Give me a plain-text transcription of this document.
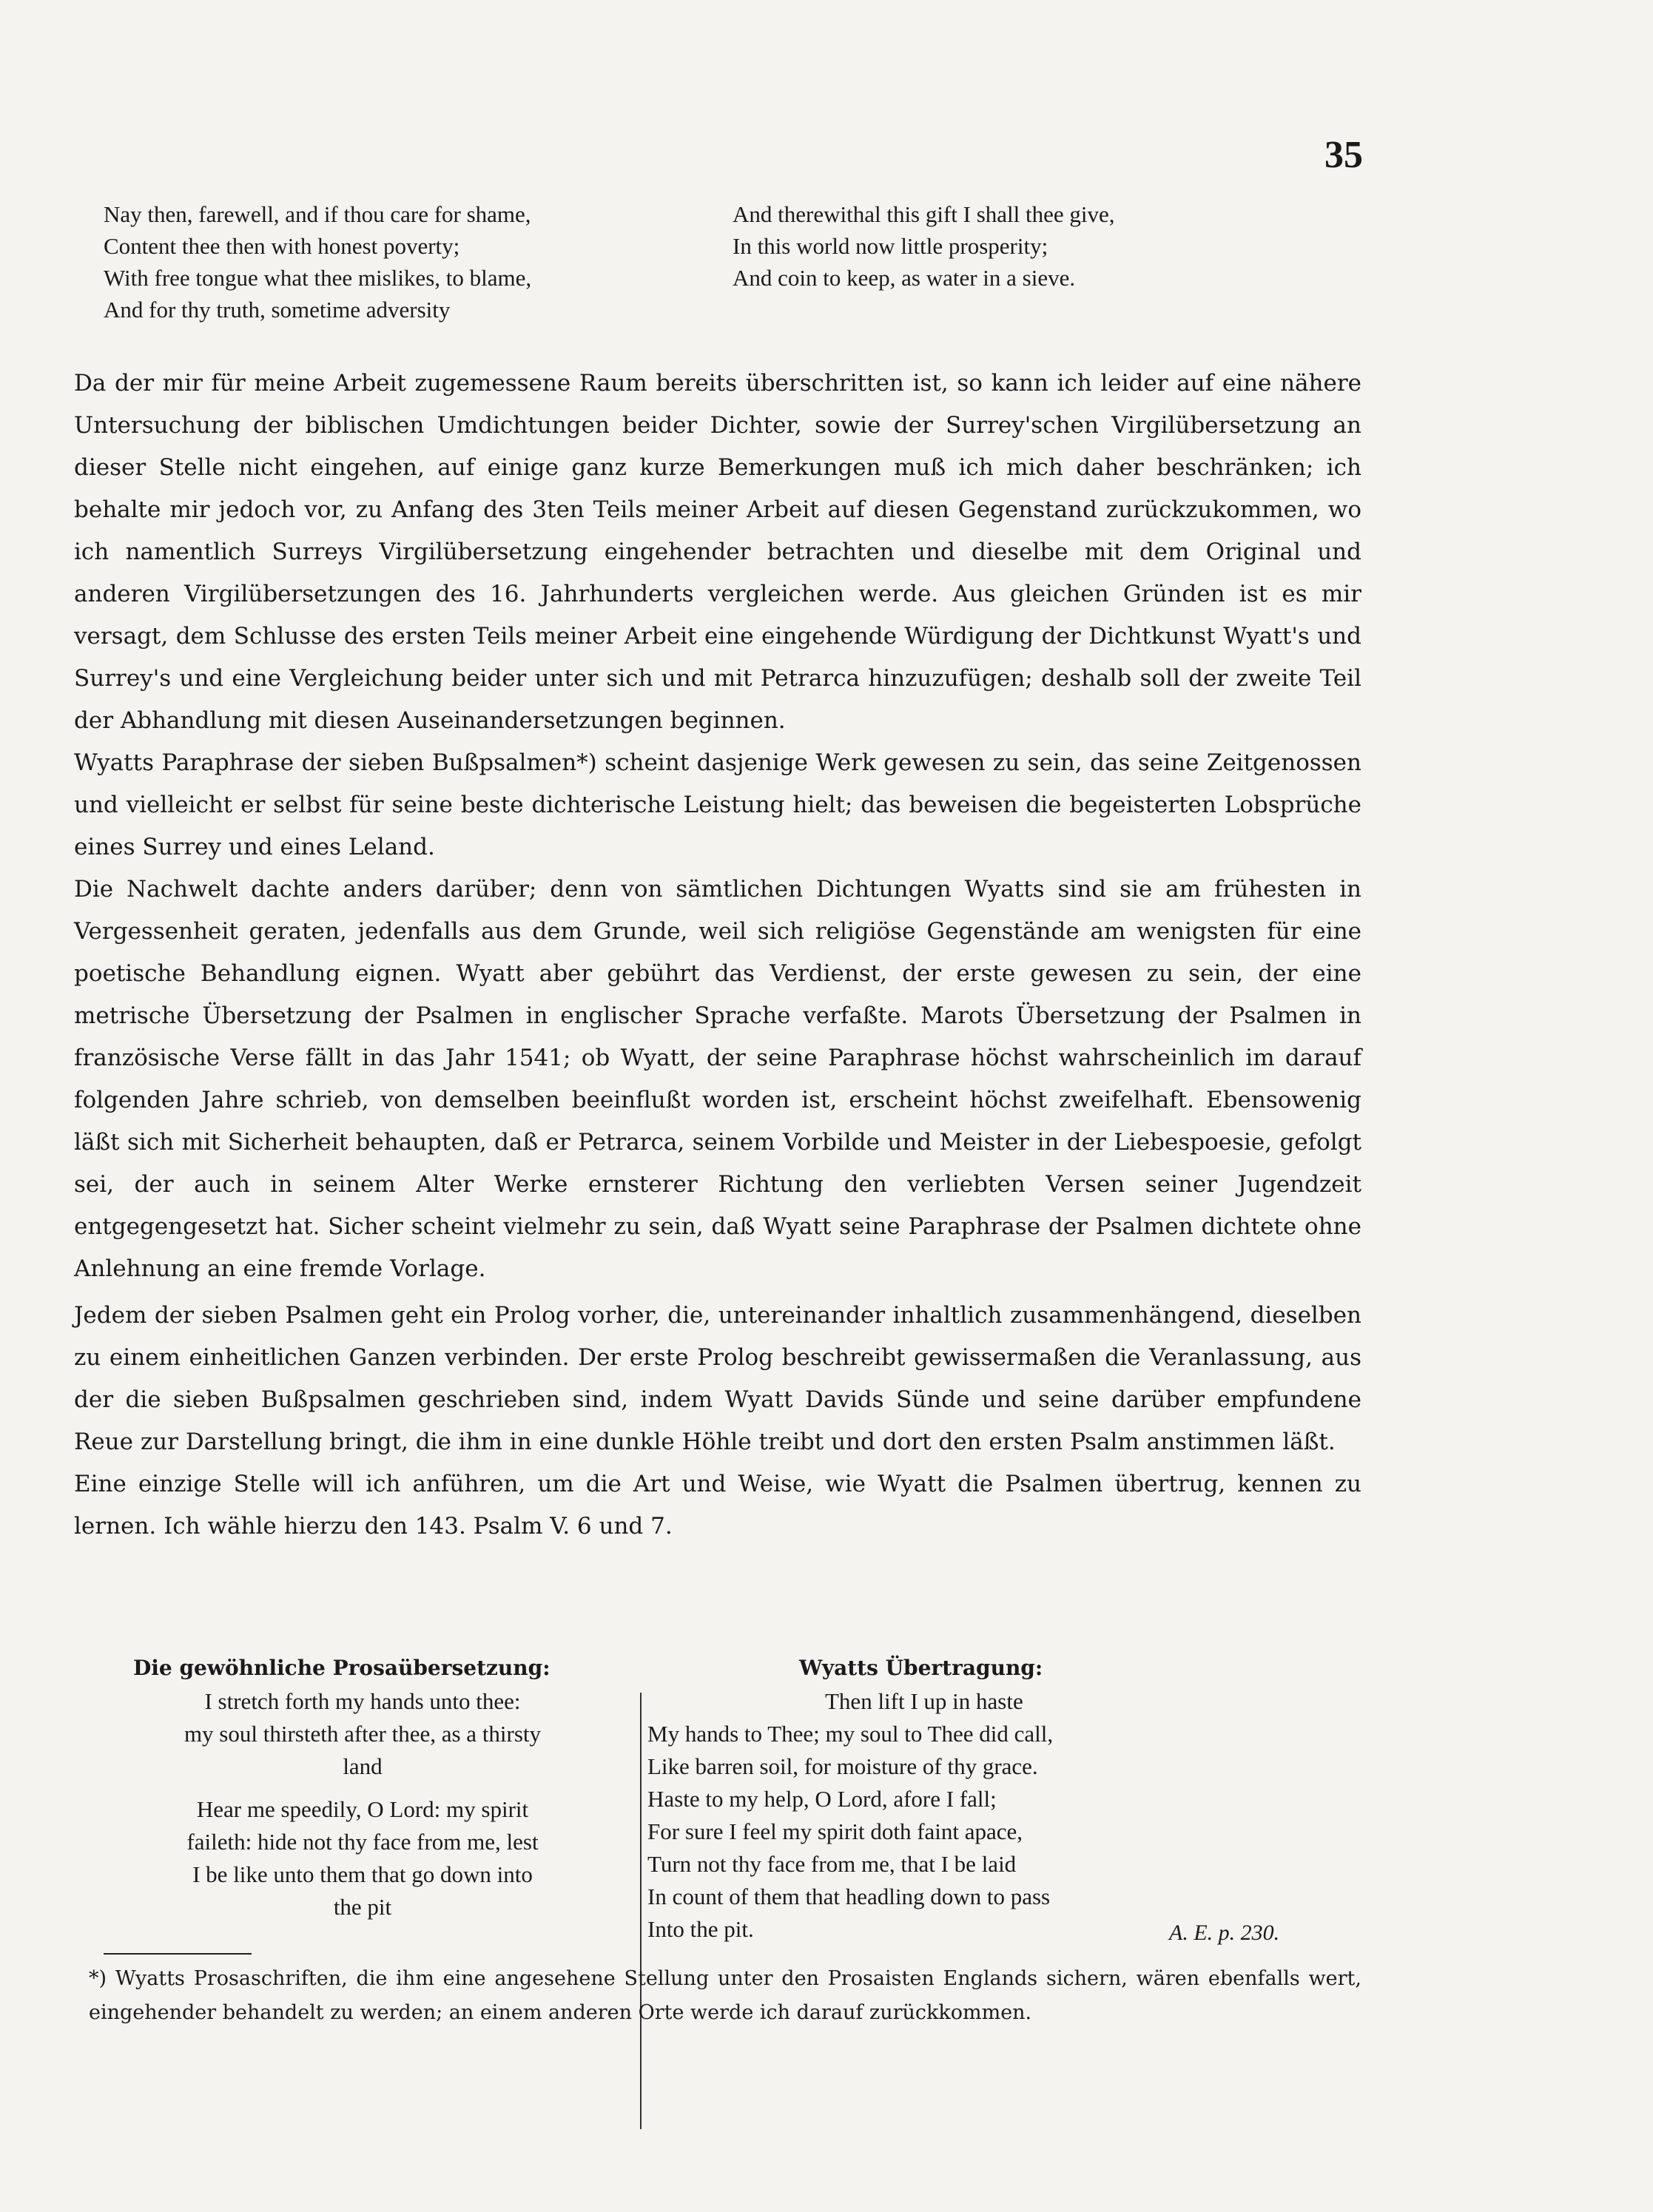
35
Nay then, farewell, and if thou care for shame,
Content thee then with honest poverty;
With free tongue what thee mislikes, to blame,
And for thy truth, sometime adversity
And therewithal this gift I shall thee give,
In this world now little prosperity;
And coin to keep, as water in a sieve.

Da der mir für meine Arbeit zugemessene Raum bereits überschritten ist, so kann ich leider auf eine nähere Untersuchung der biblischen Umdichtungen beider Dichter, sowie der Surrey'schen Virgilübersetzung an dieser Stelle nicht eingehen, auf einige ganz kurze Bemerkungen muß ich mich daher beschränken; ich behalte mir jedoch vor, zu Anfang des 3ten Teils meiner Arbeit auf diesen Gegenstand zurückzukommen, wo ich namentlich Surreys Virgilübersetzung eingehender betrachten und dieselbe mit dem Original und anderen Virgilübersetzungen des 16. Jahrhunderts vergleichen werde. Aus gleichen Gründen ist es mir versagt, dem Schlusse des ersten Teils meiner Arbeit eine eingehende Würdigung der Dichtkunst Wyatt's und Surrey's und eine Vergleichung beider unter sich und mit Petrarca hinzuzufügen; deshalb soll der zweite Teil der Abhandlung mit diesen Auseinandersetzungen beginnen.

Wyatts Paraphrase der sieben Bußpsalmen*) scheint dasjenige Werk gewesen zu sein, das seine Zeitgenossen und vielleicht er selbst für seine beste dichterische Leistung hielt; das beweisen die begeisterten Lobsprüche eines Surrey und eines Leland.

Die Nachwelt dachte anders darüber; denn von sämtlichen Dichtungen Wyatts sind sie am frühesten in Vergessenheit geraten, jedenfalls aus dem Grunde, weil sich religiöse Gegenstände am wenigsten für eine poetische Behandlung eignen. Wyatt aber gebührt das Verdienst, der erste gewesen zu sein, der eine metrische Übersetzung der Psalmen in englischer Sprache verfaßte. Marots Übersetzung der Psalmen in französische Verse fällt in das Jahr 1541; ob Wyatt, der seine Paraphrase höchst wahrscheinlich im darauf folgenden Jahre schrieb, von demselben beeinflußt worden ist, erscheint höchst zweifelhaft. Ebensowenig läßt sich mit Sicherheit behaupten, daß er Petrarca, seinem Vorbilde und Meister in der Liebespoesie, gefolgt sei, der auch in seinem Alter Werke ernsterer Richtung den verliebten Versen seiner Jugendzeit entgegengesetzt hat. Sicher scheint vielmehr zu sein, daß Wyatt seine Paraphrase der Psalmen dichtete ohne Anlehnung an eine fremde Vorlage.

Jedem der sieben Psalmen geht ein Prolog vorher, die, untereinander inhaltlich zusammenhängend, dieselben zu einem einheitlichen Ganzen verbinden. Der erste Prolog beschreibt gewissermaßen die Veranlassung, aus der die sieben Bußpsalmen geschrieben sind, indem Wyatt Davids Sünde und seine darüber empfundene Reue zur Darstellung bringt, die ihm in eine dunkle Höhle treibt und dort den ersten Psalm anstimmen läßt.

Eine einzige Stelle will ich anführen, um die Art und Weise, wie Wyatt die Psalmen übertrug, kennen zu lernen. Ich wähle hierzu den 143. Psalm V. 6 und 7.

Die gewöhnliche Prosaübersetzung:	Wyatts Übertragung:
I stretch forth my hands unto thee:
my soul thirsteth after thee, as a thirsty
land
Hear me speedily, O Lord: my spirit
faileth: hide not thy face from me, lest
I be like unto them that go down into
the pit
Then lift I up in haste
My hands to Thee; my soul to Thee did call,
Like barren soil, for moisture of thy grace.
Haste to my help, O Lord, afore I fall;
For sure I feel my spirit doth faint apace,
Turn not thy face from me, that I be laid
In count of them that headling down to pass
Into the pit.	A. E. p. 230.
*) Wyatts Prosaschriften, die ihm eine angesehene Stellung unter den Prosaisten Englands sichern, wären ebenfalls wert, eingehender behandelt zu werden; an einem anderen Orte werde ich darauf zurückkommen.
